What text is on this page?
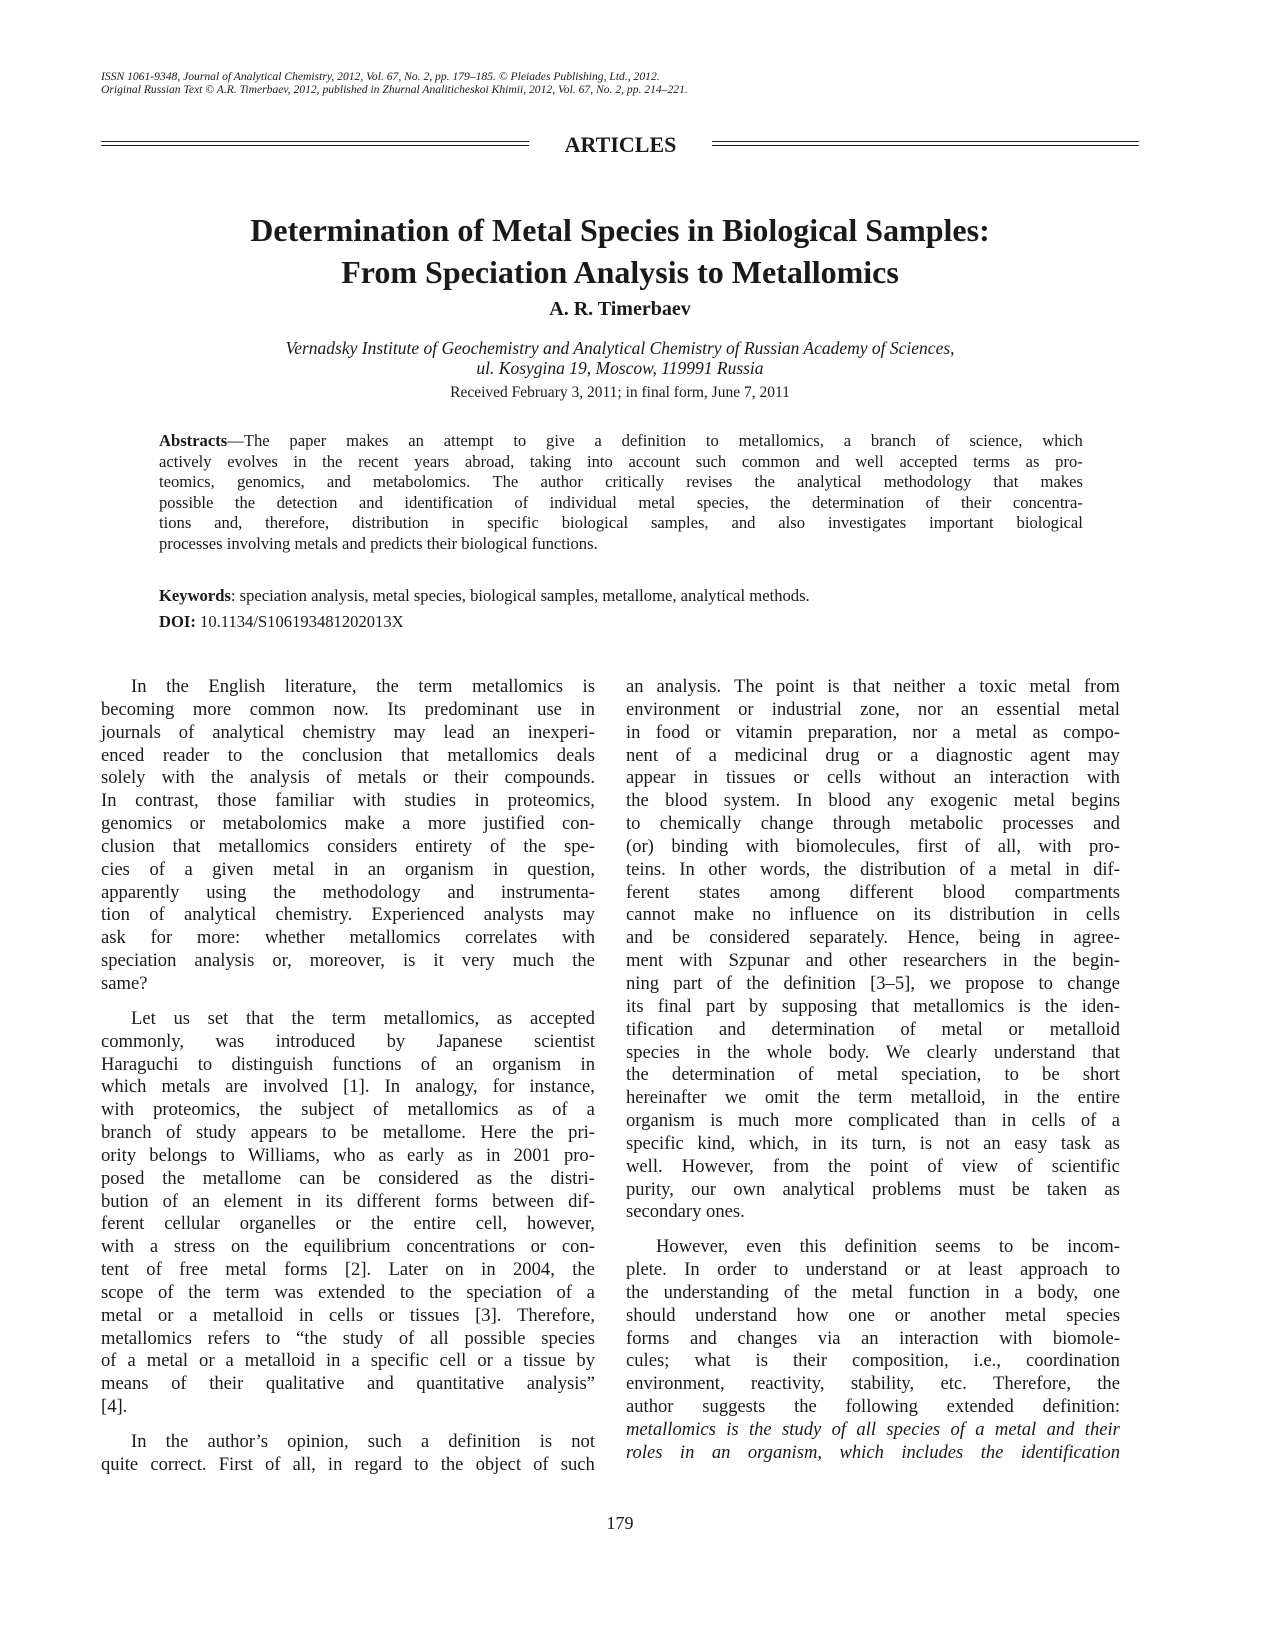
ISSN 1061-9348, Journal of Analytical Chemistry, 2012, Vol. 67, No. 2, pp. 179–185. © Pleiades Publishing, Ltd., 2012.
Original Russian Text © A.R. Timerbaev, 2012, published in Zhurnal Analiticheskoi Khimii, 2012, Vol. 67, No. 2, pp. 214–221.
ARTICLES
Determination of Metal Species in Biological Samples:
From Speciation Analysis to Metallomics
A. R. Timerbaev
Vernadsky Institute of Geochemistry and Analytical Chemistry of Russian Academy of Sciences,
ul. Kosygina 19, Moscow, 119991 Russia
Received February 3, 2011; in final form, June 7, 2011
Abstracts—The paper makes an attempt to give a definition to metallomics, a branch of science, which
actively evolves in the recent years abroad, taking into account such common and well accepted terms as pro-
teomics, genomics, and metabolomics. The author critically revises the analytical methodology that makes
possible the detection and identification of individual metal species, the determination of their concentra-
tions and, therefore, distribution in specific biological samples, and also investigates important biological
processes involving metals and predicts their biological functions.
Keywords: speciation analysis, metal species, biological samples, metallome, analytical methods.
DOI: 10.1134/S106193481202013X
In the English literature, the term metallomics is
becoming more common now. Its predominant use in
journals of analytical chemistry may lead an inexperi-
enced reader to the conclusion that metallomics deals
solely with the analysis of metals or their compounds.
In contrast, those familiar with studies in proteomics,
genomics or metabolomics make a more justified con-
clusion that metallomics considers entirety of the spe-
cies of a given metal in an organism in question,
apparently using the methodology and instrumenta-
tion of analytical chemistry. Experienced analysts may
ask for more: whether metallomics correlates with
speciation analysis or, moreover, is it very much the
same?
Let us set that the term metallomics, as accepted
commonly, was introduced by Japanese scientist
Haraguchi to distinguish functions of an organism in
which metals are involved [1]. In analogy, for instance,
with proteomics, the subject of metallomics as of a
branch of study appears to be metallome. Here the pri-
ority belongs to Williams, who as early as in 2001 pro-
posed the metallome can be considered as the distri-
bution of an element in its different forms between dif-
ferent cellular organelles or the entire cell, however,
with a stress on the equilibrium concentrations or con-
tent of free metal forms [2]. Later on in 2004, the
scope of the term was extended to the speciation of a
metal or a metalloid in cells or tissues [3]. Therefore,
metallomics refers to “the study of all possible species
of a metal or a metalloid in a specific cell or a tissue by
means of their qualitative and quantitative analysis”
[4].
In the author’s opinion, such a definition is not
quite correct. First of all, in regard to the object of such
an analysis. The point is that neither a toxic metal from
environment or industrial zone, nor an essential metal
in food or vitamin preparation, nor a metal as compo-
nent of a medicinal drug or a diagnostic agent may
appear in tissues or cells without an interaction with
the blood system. In blood any exogenic metal begins
to chemically change through metabolic processes and
(or) binding with biomolecules, first of all, with pro-
teins. In other words, the distribution of a metal in dif-
ferent states among different blood compartments
cannot make no influence on its distribution in cells
and be considered separately. Hence, being in agree-
ment with Szpunar and other researchers in the begin-
ning part of the definition [3–5], we propose to change
its final part by supposing that metallomics is the iden-
tification and determination of metal or metalloid
species in the whole body. We clearly understand that
the determination of metal speciation, to be short
hereinafter we omit the term metalloid, in the entire
organism is much more complicated than in cells of a
specific kind, which, in its turn, is not an easy task as
well. However, from the point of view of scientific
purity, our own analytical problems must be taken as
secondary ones.
However, even this definition seems to be incom-
plete. In order to understand or at least approach to
the understanding of the metal function in a body, one
should understand how one or another metal species
forms and changes via an interaction with biomole-
cules; what is their composition, i.e., coordination
environment, reactivity, stability, etc. Therefore, the
author suggests the following extended definition:
metallomics is the study of all species of a metal and their
roles in an organism, which includes the identification
179
